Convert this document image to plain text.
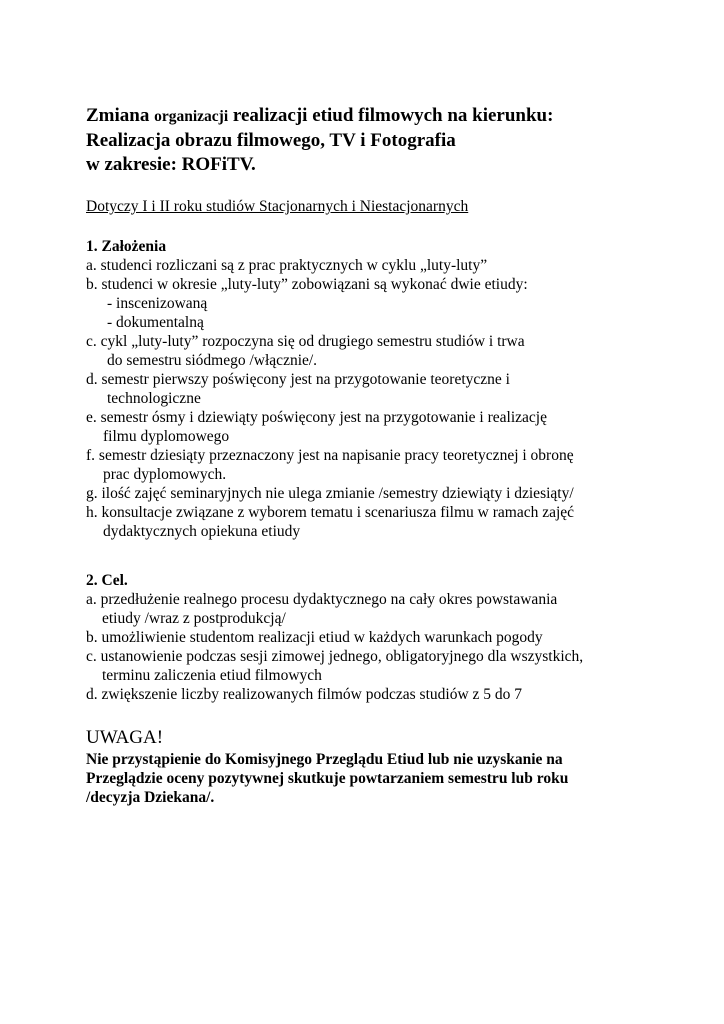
Zmiana organizacji realizacji etiud filmowych na kierunku:
Realizacja obrazu filmowego, TV i Fotografia
w zakresie: ROFiTV.
Dotyczy I i II roku studiów Stacjonarnych i Niestacjonarnych
1. Założenia
a. studenci rozliczani są z prac praktycznych w cyklu „luty-luty”
b. studenci w okresie „luty-luty” zobowiązani są wykonać dwie etiudy:
- inscenizowaną
- dokumentalną
c. cykl „luty-luty” rozpoczyna się od drugiego semestru studiów i trwa
do semestru siódmego /włącznie/.
d. semestr pierwszy poświęcony jest na przygotowanie teoretyczne i
technologiczne
e. semestr ósmy i dziewiąty poświęcony jest na przygotowanie i realizację
filmu dyplomowego
f. semestr dziesiąty przeznaczony jest na napisanie pracy teoretycznej i obronę
prac dyplomowych.
g. ilość zajęć seminaryjnych nie ulega zmianie /semestry dziewiąty i dziesiąty/
h. konsultacje związane z wyborem tematu i scenariusza filmu w ramach zajęć
dydaktycznych opiekuna etiudy
2. Cel.
a. przedłużenie realnego procesu dydaktycznego na cały okres powstawania
etiudy /wraz z postprodukcją/
b. umożliwienie studentom realizacji etiud w każdych warunkach pogody
c. ustanowienie podczas sesji zimowej jednego, obligatoryjnego dla wszystkich,
terminu zaliczenia etiud filmowych
d. zwiększenie liczby realizowanych filmów podczas studiów z 5 do 7
UWAGA!
Nie przystąpienie do Komisyjnego Przeglądu Etiud lub nie uzyskanie na
Przeglądzie oceny pozytywnej skutkuje powtarzaniem semestru lub roku
/decyzja Dziekana/.
